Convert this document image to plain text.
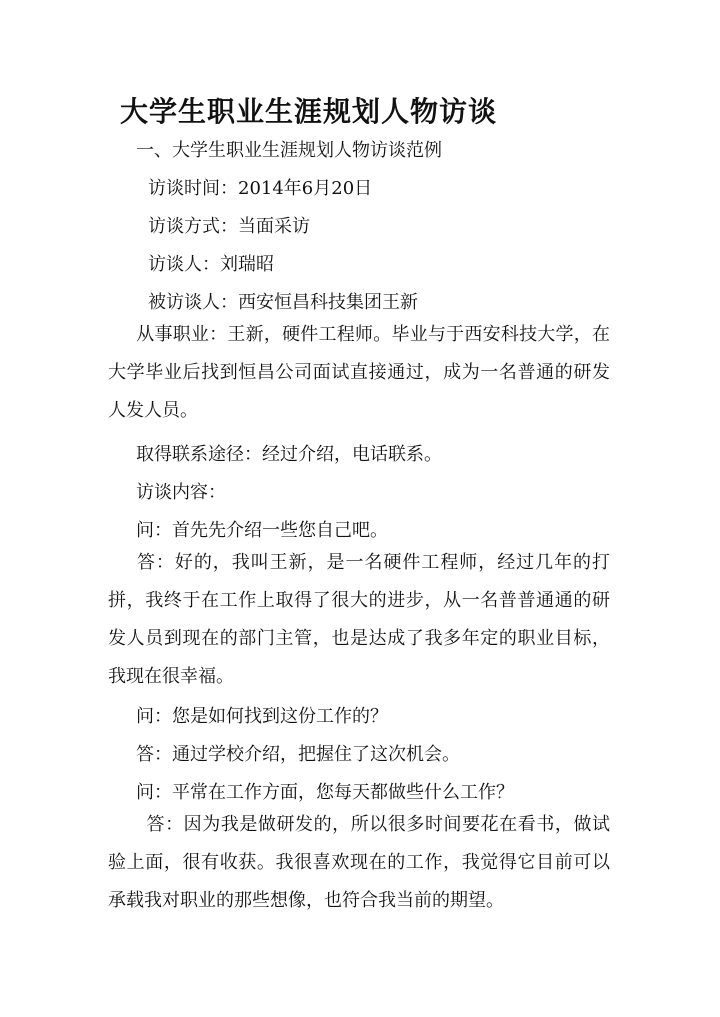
大学生职业生涯规划人物访谈
一、大学生职业生涯规划人物访谈范例
访谈时间：2014年6月20日
访谈方式：当面采访
访谈人：刘瑞昭
被访谈人：西安恒昌科技集团王新
从事职业：王新，硬件工程师。毕业与于西安科技大学，在大学毕业后找到恒昌公司面试直接通过，成为一名普通的研发人发人员。
取得联系途径：经过介绍，电话联系。
访谈内容：
问：首先先介绍一些您自己吧。
答：好的，我叫王新，是一名硬件工程师，经过几年的打拼，我终于在工作上取得了很大的进步，从一名普普通通的研发人员到现在的部门主管，也是达成了我多年定的职业目标，我现在很幸福。
问：您是如何找到这份工作的？
答：通过学校介绍，把握住了这次机会。
问：平常在工作方面，您每天都做些什么工作？
答：因为我是做研发的，所以很多时间要花在看书，做试验上面，很有收获。我很喜欢现在的工作，我觉得它目前可以承载我对职业的那些想像，也符合我当前的期望。
